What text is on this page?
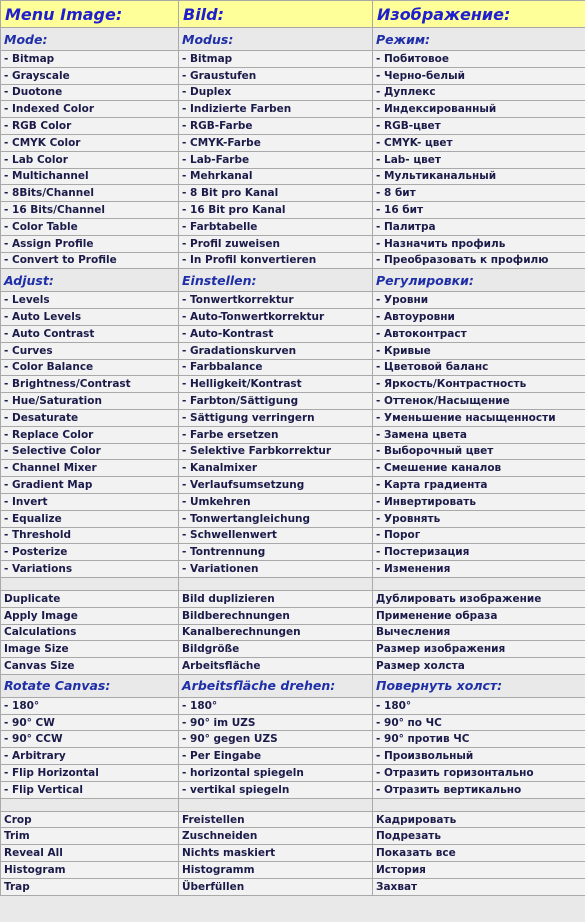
Menu Image:	Bild:	Изображение:
Mode:	Modus:	Режим:
- Bitmap	- Bitmap	- Побитовое
- Grayscale	- Graustufen	- Черно-белый
- Duotone	- Duplex	- Дуплекс
- Indexed Color	- Indizierte Farben	- Индексированный
- RGB Color	- RGB-Farbe	- RGB-цвет
- CMYK Color	- CMYK-Farbe	- CMYK- цвет
- Lab Color	- Lab-Farbe	- Lab- цвет
- Multichannel	- Mehrkanal	- Мультиканальный
- 8Bits/Channel	- 8 Bit pro Kanal	- 8 бит
- 16 Bits/Channel	- 16 Bit pro Kanal	- 16 бит
- Color Table	- Farbtabelle	- Палитра
- Assign Profile	- Profil zuweisen	- Назначить профиль
- Convert to Profile	- In Profil konvertieren	- Преобразовать к профилю
Adjust:	Einstellen:	Регулировки:
- Levels	- Tonwertkorrektur	- Уровни
- Auto Levels	- Auto-Tonwertkorrektur	- Автоуровни
- Auto Contrast	- Auto-Kontrast	- Автоконтраст
- Curves	- Gradationskurven	- Кривые
- Color Balance	- Farbbalance	- Цветовой баланс
- Brightness/Contrast	- Helligkeit/Kontrast	- Яркость/Контрастность
- Hue/Saturation	- Farbton/Sättigung	- Оттенок/Насыщение
- Desaturate	- Sättigung verringern	- Уменьшение насыщенности
- Replace Color	- Farbe ersetzen	- Замена цвета
- Selective Color	- Selektive Farbkorrektur	- Выборочный цвет
- Channel Mixer	- Kanalmixer	- Смешение каналов
- Gradient Map	- Verlaufsumsetzung	- Карта градиента
- Invert	- Umkehren	- Инвертировать
- Equalize	- Tonwertangleichung	- Уровнять
- Threshold	- Schwellenwert	- Порог
- Posterize	- Tontrennung	- Постеризация
- Variations	- Variationen	- Изменения

Duplicate	Bild duplizieren	Дублировать изображение
Apply Image	Bildberechnungen	Применение образа
Calculations	Kanalberechnungen	Вычесления
Image Size	Bildgröße	Размер изображения
Canvas Size	Arbeitsfläche	Размер холста
Rotate Canvas:	Arbeitsfläche drehen:	Повернуть холст:
- 180°	- 180°	- 180°
- 90° CW	- 90° im UZS	- 90° по ЧС
- 90° CCW	- 90° gegen UZS	- 90° против ЧС
- Arbitrary	- Per Eingabe	- Произвольный
- Flip Horizontal	- horizontal spiegeln	- Отразить горизонтально
- Flip Vertical	- vertikal spiegeln	- Отразить вертикально

Crop	Freistellen	Кадрировать
Trim	Zuschneiden	Подрезать
Reveal All	Nichts maskiert	Показать все
Histogram	Histogramm	История
Trap	Überfüllen	Захват
